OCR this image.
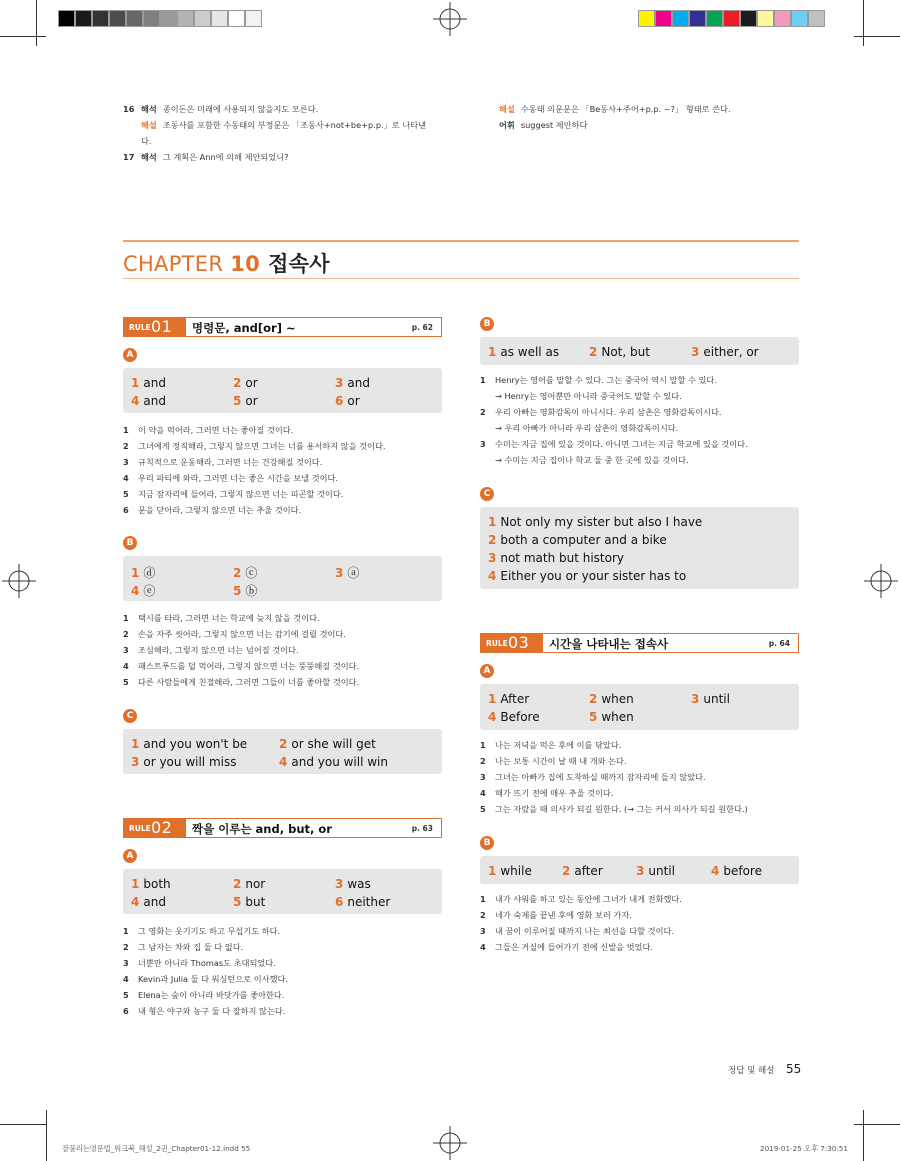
16 해석 종이돈은 미래에 사용되지 않을지도 모른다.
해설 조동사를 포함한 수동태의 부정문은 「조동사+not+be+p.p.」로 나타낸
다.
17 해석 그 계획은 Ann에 의해 제안되었니?
해설 수동태 의문문은 「Be동사+주어+p.p. ~?」 형태로 쓴다.
어휘 suggest 제안하다
CHAPTER 10 접속사
RULE 01 명령문, and[or] ~	p. 62
A
1 and	2 or	3 and
4 and	5 or	6 or
1 이 약을 먹어라, 그러면 너는 좋아질 것이다.
2 그녀에게 정직해라, 그렇지 않으면 그녀는 너를 용서하지 않을 것이다.
3 규칙적으로 운동해라, 그러면 너는 건강해질 것이다.
4 우리 파티에 와라, 그러면 너는 좋은 시간을 보낼 것이다.
5 지금 잠자리에 들어라, 그렇지 않으면 너는 피곤할 것이다.
6 문을 닫아라, 그렇지 않으면 너는 추울 것이다.
B
1 ⓓ	2 ⓒ	3 ⓐ
4 ⓔ	5 ⓑ
1 택시를 타라, 그러면 너는 학교에 늦지 않을 것이다.
2 손을 자주 씻어라, 그렇지 않으면 너는 감기에 걸릴 것이다.
3 조심해라, 그렇지 않으면 너는 넘어질 것이다.
4 패스트푸드를 덜 먹어라, 그렇지 않으면 너는 뚱뚱해질 것이다.
5 다른 사람들에게 친절해라, 그러면 그들이 너를 좋아할 것이다.
C
1 and you won't be	2 or she will get
3 or you will miss	4 and you will win
RULE 02 짝을 이루는 and, but, or	p. 63
A
1 both	2 nor	3 was
4 and	5 but	6 neither
1 그 영화는 웃기기도 하고 무섭기도 하다.
2 그 남자는 차와 집 둘 다 없다.
3 너뿐만 아니라 Thomas도 초대되었다.
4 Kevin과 Julia 둘 다 워싱턴으로 이사했다.
5 Elena는 숲이 아니라 바닷가를 좋아한다.
6 내 형은 야구와 농구 둘 다 잘하지 않는다.
B
1 as well as 2 Not, but	3 either, or
1 Henry는 영어를 말할 수 있다. 그는 중국어 역시 말할 수 있다.
→ Henry는 영어뿐만 아니라 중국어도 말할 수 있다.
2 우리 아빠는 영화감독이 아니시다. 우리 삼촌은 영화감독이시다.
→ 우리 아빠가 아니라 우리 삼촌이 영화감독이시다.
3 수미는 지금 집에 있을 것이다. 아니면 그녀는 지금 학교에 있을 것이다.
→ 수미는 지금 집이나 학교 둘 중 한 곳에 있을 것이다.
C
1 Not only my sister but also I have
2 both a computer and a bike
3 not math but history
4 Either you or your sister has to
RULE 03 시간을 나타내는 접속사	p. 64
A
1 After	2 when	3 until
4 Before	5 when
1 나는 저녁을 먹은 후에 이를 닦았다.
2 나는 보통 시간이 날 때 내 개와 논다.
3 그녀는 아빠가 집에 도착하실 때까지 잠자리에 들지 않았다.
4 해가 뜨기 전에 매우 추울 것이다.
5 그는 자랐을 때 의사가 되길 원한다. (→ 그는 커서 의사가 되길 원한다.)
B
1 while	2 after	3 until	4 before
1 내가 샤워를 하고 있는 동안에 그녀가 내게 전화했다.
2 네가 숙제를 끝낸 후에 영화 보러 가자.
3 내 꿈이 이루어질 때까지 나는 최선을 다할 것이다.
4 그들은 거실에 들어가기 전에 신발을 벗었다.
정답 및 해설 55
잘풀리는영문법_워크북_해설_2권_Chapter01-12.indd 55	2019-01-25 오후 7:30:51
